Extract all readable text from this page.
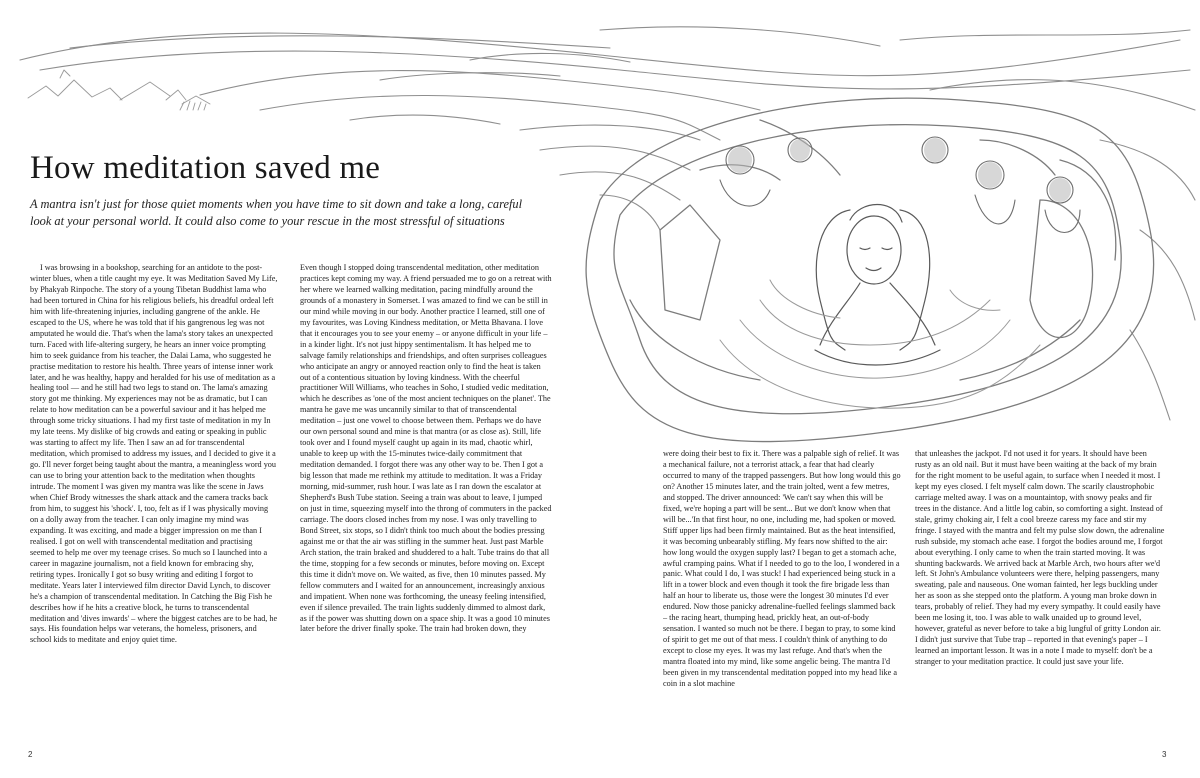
How meditation saved me

A mantra isn't just for those quiet moments when you have time to sit down and take a long, careful look at your personal world. It could also come to your rescue in the most stressful of situations

I was browsing in a bookshop, searching for an antidote to the post-winter blues, when a title caught my eye. It was Meditation Saved My Life, by Phakyab Rinpoche. The story of a young Tibetan Buddhist lama who had been tortured in China for his religious beliefs, his dreadful ordeal left him with life-threatening injuries, including gangrene of the ankle. He escaped to the US, where he was told that if his gangrenous leg was not amputated he would die. That's when the lama's story takes an unexpected turn. Faced with life-altering surgery, he hears an inner voice prompting him to seek guidance from his teacher, the Dalai Lama, who suggested he practise meditation to restore his health. Three years of intense inner work later, and he was healthy, happy and heralded for his use of meditation as a healing tool — and he still had two legs to stand on. The lama's amazing story got me thinking. My experiences may not be as dramatic, but I can relate to how meditation can be a powerful saviour and it has helped me through some tricky situations. I had my first taste of meditation in my In my late teens. My dislike of big crowds and eating or speaking in public was starting to affect my life. Then I saw an ad for transcendental meditation, which promised to address my issues, and I decided to give it a go. I'll never forget being taught about the mantra, a meaningless word you can use to bring your attention back to the meditation when thoughts intrude. The moment I was given my mantra was like the scene in Jaws when Chief Brody witnesses the shark attack and the camera tracks back from him, to suggest his 'shock'. I, too, felt as if I was physically moving on a dolly away from the teacher. I can only imagine my mind was expanding. It was exciting, and made a bigger impression on me than I realised. I got on well with transcendental meditation and practising seemed to help me over my teenage crises. So much so I launched into a career in magazine journalism, not a field known for embracing shy, retiring types. Ironically I got so busy writing and editing I forgot to meditate. Years later I interviewed film director David Lynch, to discover he's a champion of transcendental meditation. In Catching the Big Fish he describes how if he hits a creative block, he turns to transcendental meditation and 'dives inwards' – where the biggest catches are to be had, he says. His foundation helps war veterans, the homeless, prisoners, and school kids to meditate and enjoy quiet time.

Even though I stopped doing transcendental meditation, other meditation practices kept coming my way. A friend persuaded me to go on a retreat with her where we learned walking meditation, pacing mindfully around the grounds of a monastery in Somerset. I was amazed to find we can be still in our mind while moving in our body. Another practice I learned, still one of my favourites, was Loving Kindness meditation, or Metta Bhavana. I love that it encourages you to see your enemy – or anyone difficult in your life – in a kinder light. It's not just hippy sentimentalism. It has helped me to salvage family relationships and friendships, and often surprises colleagues who anticipate an angry or annoyed reaction only to find the heat is taken out of a contentious situation by loving kindness. With the cheerful practitioner Will Williams, who teaches in Soho, I studied vedic meditation, which he describes as 'one of the most ancient techniques on the planet'. The mantra he gave me was uncannily similar to that of transcendental meditation – just one vowel to choose between them. Perhaps we do have our own personal sound and mine is that mantra (or as close as). Still, life took over and I found myself caught up again in its mad, chaotic whirl, unable to keep up with the 15-minutes twice-daily commitment that meditation demanded. I forgot there was any other way to be. Then I got a big lesson that made me rethink my attitude to meditation. It was a Friday morning, mid-summer, rush hour. I was late as I ran down the escalator at Shepherd's Bush Tube station. Seeing a train was about to leave, I jumped on just in time, squeezing myself into the throng of commuters in the packed carriage. The doors closed inches from my nose. I was only travelling to Bond Street, six stops, so I didn't think too much about the bodies pressing against me or that the air was stifling in the summer heat. Just past Marble Arch station, the train braked and shuddered to a halt. Tube trains do that all the time, stopping for a few seconds or minutes, before moving on. Except this time it didn't move on. We waited, as five, then 10 minutes passed. My fellow commuters and I waited for an announcement, increasingly anxious and impatient. When none was forthcoming, the uneasy feeling intensified, even if silence prevailed. The train lights suddenly dimmed to almost dark, as if the power was shutting down on a space ship. It was a good 10 minutes later before the driver finally spoke. The train had broken down, they

were doing their best to fix it. There was a palpable sigh of relief. It was a mechanical failure, not a terrorist attack, a fear that had clearly occurred to many of the trapped passengers. But how long would this go on? Another 15 minutes later, and the train jolted, went a few metres, and stopped. The driver announced: 'We can't say when this will be fixed, we're hoping a part will be sent... But we don't know when that will be...'In that first hour, no one, including me, had spoken or moved. Stiff upper lips had been firmly maintained. But as the heat intensified, it was becoming unbearably stifling. My fears now shifted to the air: how long would the oxygen supply last? I began to get a stomach ache, awful cramping pains. What if I needed to go to the loo, I wondered in a panic. What could I do, I was stuck! I had experienced being stuck in a lift in a tower block and even though it took the fire brigade less than half an hour to liberate us, those were the longest 30 minutes I'd ever endured. Now those panicky adrenaline-fuelled feelings slammed back – the racing heart, thumping head, prickly heat, an out-of-body sensation. I wanted so much not be there. I began to pray, to some kind of spirit to get me out of that mess. I couldn't think of anything to do except to close my eyes. It was my last refuge. And that's when the mantra floated into my mind, like some angelic being. The mantra I'd been given in my transcendental meditation popped into my head like a coin in a slot machine

that unleashes the jackpot. I'd not used it for years. It should have been rusty as an old nail. But it must have been waiting at the back of my brain for the right moment to be useful again, to surface when I needed it most. I kept my eyes closed. I felt myself calm down. The scarily claustrophobic carriage melted away. I was on a mountaintop, with snowy peaks and fir trees in the distance. And a little log cabin, so comforting a sight. Instead of stale, grimy choking air, I felt a cool breeze caress my face and stir my fringe. I stayed with the mantra and felt my pulse slow down, the adrenaline rush subside, my stomach ache ease. I forgot the bodies around me, I forgot about everything. I only came to when the train started moving. It was shunting backwards. We arrived back at Marble Arch, two hours after we'd left. St John's Ambulance volunteers were there, helping passengers, many sweating, pale and nauseous. One woman fainted, her legs buckling under her as soon as she stepped onto the platform. A young man broke down in tears, probably of relief. They had my every sympathy. It could easily have been me losing it, too. I was able to walk unaided up to ground level, however, grateful as never before to take a big lungful of gritty London air. I didn't just survive that Tube trap – reported in that evening's paper – I learned an important lesson. It was in a note I made to myself: don't be a stranger to your meditation practice. It could just save your life.

2	3
